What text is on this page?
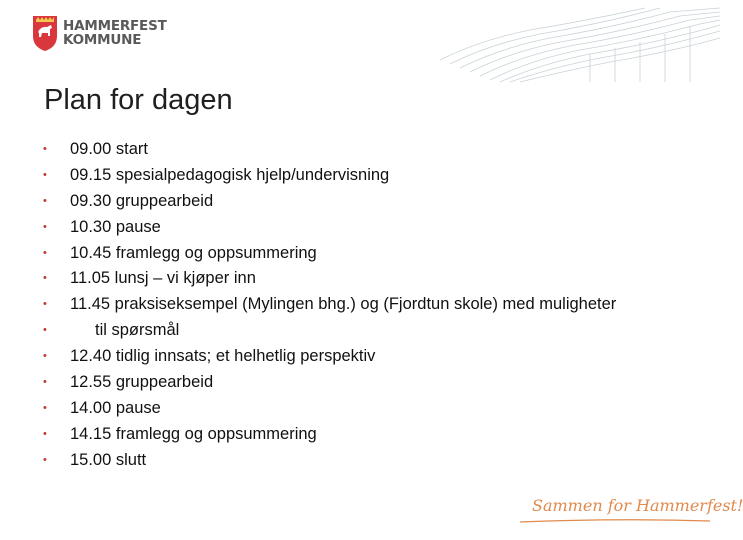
HAMMERFEST
KOMMUNE
Plan for dagen
• 09.00 start
• 09.15 spesialpedagogisk hjelp/undervisning
• 09.30 gruppearbeid
• 10.30 pause
• 10.45 framlegg og oppsummering
• 11.05 lunsj – vi kjøper inn
• 11.45 praksiseksempel (Mylingen bhg.) og (Fjordtun skole) med muligheter
•	til spørsmål
• 12.40 tidlig innsats; et helhetlig perspektiv
• 12.55 gruppearbeid
• 14.00 pause
• 14.15 framlegg og oppsummering
• 15.00 slutt
Sammen for Hammerfest!
